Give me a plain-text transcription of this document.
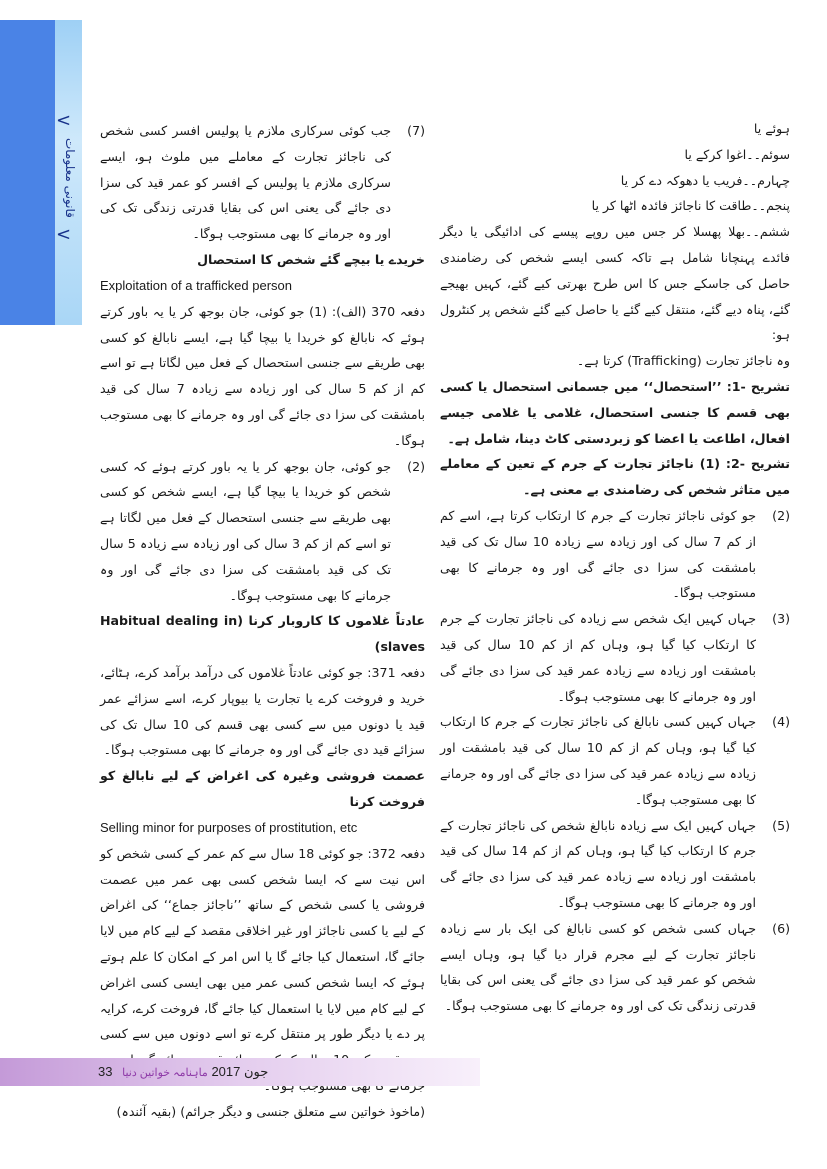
<
قانونی معلومات
<

ہوئے یا

سوئم۔۔اغوا کرکے یا

چہارم۔۔فریب یا دھوکہ دے کر یا

پنجم۔۔طاقت کا ناجائز فائدہ اٹھا کر یا

ششم۔۔بھلا پھسلا کر جس میں روپے پیسے کی ادائیگی یا دیگر فائدے پہنچانا شامل ہے تاکہ کسی ایسے شخص کی رضامندی حاصل کی جاسکے جس کا اس طرح بھرتی کیے گئے، کہیں بھیجے گئے، پناہ دیے گئے، منتقل کیے گئے یا حاصل کیے گئے شخص پر کنٹرول ہو:

وہ ناجائز تجارت (Trafficking) کرتا ہے۔

تشریح -1: ’’استحصال‘‘ میں جسمانی استحصال یا کسی بھی قسم کا جنسی استحصال، غلامی یا غلامی جیسے افعال، اطاعت یا اعضا کو زبردستی کاٹ دینا، شامل ہے۔

تشریح -2: (1) ناجائز تجارت کے جرم کے تعین کے معاملے میں متاثر شخص کی رضامندی بے معنی ہے۔

(2)
جو کوئی ناجائز تجارت کے جرم کا ارتکاب کرتا ہے، اسے کم از کم 7 سال کی اور زیادہ سے زیادہ 10 سال تک کی قید بامشقت کی سزا دی جائے گی اور وہ جرمانے کا بھی مستوجب ہوگا۔
(3)
جہاں کہیں ایک شخص سے زیادہ کی ناجائز تجارت کے جرم کا ارتکاب کیا گیا ہو، وہاں کم از کم 10 سال کی قید بامشقت اور زیادہ سے زیادہ عمر قید کی سزا دی جائے گی اور وہ جرمانے کا بھی مستوجب ہوگا۔
(4)
جہاں کہیں کسی نابالغ کی ناجائز تجارت کے جرم کا ارتکاب کیا گیا ہو، وہاں کم از کم 10 سال کی قید بامشقت اور زیادہ سے زیادہ عمر قید کی سزا دی جائے گی اور وہ جرمانے کا بھی مستوجب ہوگا۔
(5)
جہاں کہیں ایک سے زیادہ نابالغ شخص کی ناجائز تجارت کے جرم کا ارتکاب کیا گیا ہو، وہاں کم از کم 14 سال کی قید بامشقت اور زیادہ سے زیادہ عمر قید کی سزا دی جائے گی اور وہ جرمانے کا بھی مستوجب ہوگا۔
(6)
جہاں کسی شخص کو کسی نابالغ کی ایک بار سے زیادہ ناجائز تجارت کے لیے مجرم قرار دیا گیا ہو، وہاں ایسے شخص کو عمر قید کی سزا دی جائے گی یعنی اس کی بقایا قدرتی زندگی تک کی اور وہ جرمانے کا بھی مستوجب ہوگا۔
(7)
جب کوئی سرکاری ملازم یا پولیس افسر کسی شخص کی ناجائز تجارت کے معاملے میں ملوث ہو، ایسے سرکاری ملازم یا پولیس کے افسر کو عمر قید کی سزا دی جائے گی یعنی اس کی بقایا قدرتی زندگی تک کی اور وہ جرمانے کا بھی مستوجب ہوگا۔

خریدے یا بیچے گئے شخص کا استحصال

Exploitation of a trafficked person

دفعہ 370 (الف): (1) جو کوئی، جان بوجھ کر یا یہ باور کرتے ہوئے کہ نابالغ کو خریدا یا بیچا گیا ہے، ایسے نابالغ کو کسی بھی طریقے سے جنسی استحصال کے فعل میں لگاتا ہے تو اسے کم از کم 5 سال کی اور زیادہ سے زیادہ 7 سال کی قید بامشقت کی سزا دی جائے گی اور وہ جرمانے کا بھی مستوجب ہوگا۔

(2)
جو کوئی، جان بوجھ کر یا یہ باور کرتے ہوئے کہ کسی شخص کو خریدا یا بیچا گیا ہے، ایسے شخص کو کسی بھی طریقے سے جنسی استحصال کے فعل میں لگاتا ہے تو اسے کم از کم 3 سال کی اور زیادہ سے زیادہ 5 سال تک کی قید بامشقت کی سزا دی جائے گی اور وہ جرمانے کا بھی مستوجب ہوگا۔

عادتاً غلاموں کا کاروبار کرنا (Habitual dealing in slaves)

دفعہ 371: جو کوئی عادتاً غلاموں کی درآمد برآمد کرے، ہٹائے، خرید و فروخت کرے یا تجارت یا بیوپار کرے، اسے سزائے عمر قید یا دونوں میں سے کسی بھی قسم کی 10 سال تک کی سزائے قید دی جائے گی اور وہ جرمانے کا بھی مستوجب ہوگا۔

عصمت فروشی وغیرہ کی اغراض کے لیے نابالغ کو فروخت کرنا

Selling minor for purposes of prostitution, etc

دفعہ 372: جو کوئی 18 سال سے کم عمر کے کسی شخص کو اس نیت سے کہ ایسا شخص کسی بھی عمر میں عصمت فروشی یا کسی شخص کے ساتھ ’’ناجائز جماع‘‘ کی اغراض کے لیے یا کسی ناجائز اور غیر اخلاقی مقصد کے لیے کام میں لایا جائے گا، استعمال کیا جائے گا یا اس امر کے امکان کا علم ہوتے ہوئے کہ ایسا شخص کسی عمر میں بھی ایسی کسی اغراض کے لیے کام میں لایا یا استعمال کیا جائے گا، فروخت کرے، کرایہ پر دے یا دیگر طور پر منتقل کرے تو اسے دونوں میں سے کسی

(ماخوذ خواتین سے متعلق جنسی و دیگر جرائم) (بقیہ آئندہ)

33	جون 2017 ماہنامہ خواتین دنیا
